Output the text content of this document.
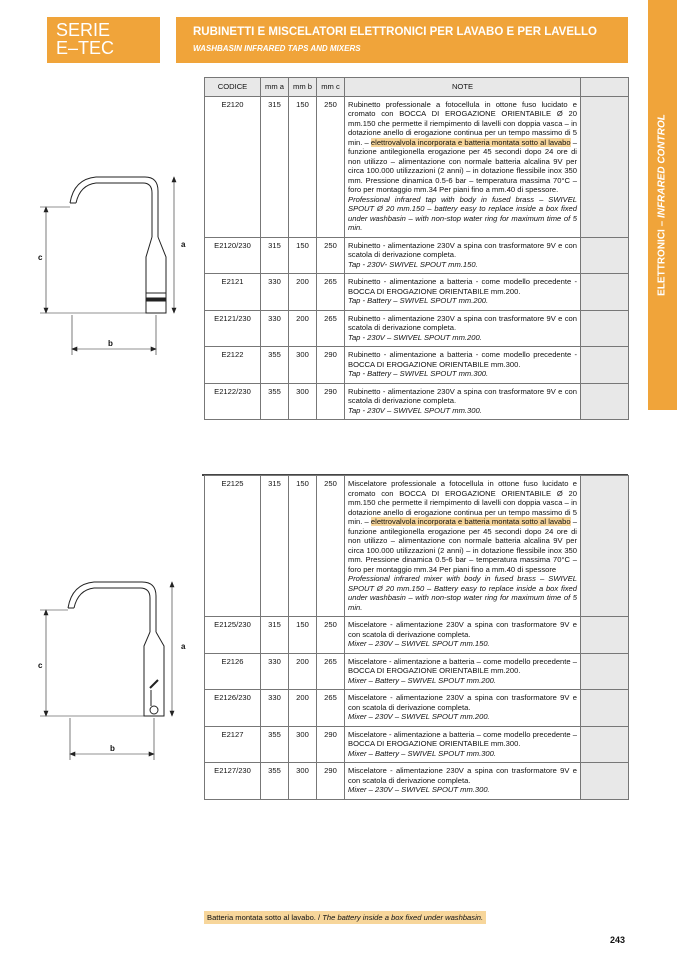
SERIE
E–TEC
RUBINETTI E MISCELATORI ELETTRONICI PER LAVABO E PER LAVELLO
WASHBASIN INFRARED TAPS AND MIXERS
ELETTRONICI – INFRARED CONTROL
a
c
b
a
c
b
CODICE	mm a	mm b	mm c	NOTE	
E2120	315	150	250	Rubinetto professionale a fotocellula in ottone fuso lucidato e cromato con BOCCA DI EROGAZIONE ORIENTABILE Ø 20 mm.150 che permette il riempimento di lavelli con doppia vasca – in dotazione anello di erogazione continua per un tempo massimo di 5 min. – elettrovalvola incorporata e batteria montata sotto al lavabo – funzione antilegionella erogazione per 45 secondi dopo 24 ore di non utilizzo – alimentazione con normale batteria alcalina 9V per circa 100.000 utilizzazioni (2 anni) – in dotazione flessibile inox 350 mm. Pressione dinamica 0.5-6 bar – temperatura massima 70°C – foro per montaggio mm.34 Per piani fino a mm.40 di spessore.
Professional infrared tap with body in fused brass – SWIVEL SPOUT Ø 20 mm.150 – battery easy to replace inside a box fixed under washbasin – with non-stop water ring for maximum time of 5 min.	

E2120/230	315	150	250	Rubinetto - alimentazione 230V a spina con trasformatore 9V e con scatola di derivazione completa.
Tap - 230V- SWIVEL SPOUT mm.150.	

E2121	330	200	265	Rubinetto - alimentazione a batteria - come modello precedente - BOCCA DI EROGAZIONE ORIENTABILE mm.200.
Tap - Battery – SWIVEL SPOUT mm.200.	

E2121/230	330	200	265	Rubinetto - alimentazione 230V a spina con trasformatore 9V e con scatola di derivazione completa.
Tap - 230V – SWIVEL SPOUT mm.200.	

E2122	355	300	290	Rubinetto - alimentazione a batteria - come modello precedente - BOCCA DI EROGAZIONE ORIENTABILE mm.300.
Tap - Battery – SWIVEL SPOUT mm.300.	

E2122/230	355	300	290	Rubinetto - alimentazione 230V a spina con trasformatore 9V e con scatola di derivazione completa.
Tap - 230V – SWIVEL SPOUT mm.300.	

E2125	315	150	250	Miscelatore professionale a fotocellula in ottone fuso lucidato e cromato con BOCCA DI EROGAZIONE ORIENTABILE Ø 20 mm.150 che permette il riempimento di lavelli con doppia vasca – in dotazione anello di erogazione continua per un tempo massimo di 5 min. – elettrovalvola incorporata e batteria montata sotto al lavabo – funzione antilegionella erogazione per 45 secondi dopo 24 ore di non utilizzo – alimentazione con normale batteria alcalina 9V per circa 100.000 utilizzazioni (2 anni) – in dotazione flessibile inox 350 mm. Pressione dinamica 0.5-6 bar – temperatura massima 70°C – foro per montaggio mm.34 Per piani fino a mm.40 di spessore
Professional infrared mixer with body in fused brass – SWIVEL SPOUT Ø 20 mm.150 – Battery easy to replace inside a box fixed under washbasin – with non-stop water ring for maximum time of 5 min.	

E2125/230	315	150	250	Miscelatore - alimentazione 230V a spina con trasformatore 9V e con scatola di derivazione completa.
Mixer – 230V – SWIVEL SPOUT mm.150.	

E2126	330	200	265	Miscelatore - alimentazione a batteria – come modello precedente – BOCCA DI EROGAZIONE ORIENTABILE mm.200.
Mixer – Battery – SWIVEL SPOUT mm.200.	

E2126/230	330	200	265	Miscelatore - alimentazione 230V a spina con trasformatore 9V e con scatola di derivazione completa.
Mixer – 230V – SWIVEL SPOUT mm.200.	

E2127	355	300	290	Miscelatore - alimentazione a batteria – come modello precedente – BOCCA DI EROGAZIONE ORIENTABILE mm.300.
Mixer – Battery – SWIVEL SPOUT mm.300.	

E2127/230	355	300	290	Miscelatore - alimentazione 230V a spina con trasformatore 9V e con scatola di derivazione completa.
Mixer – 230V – SWIVEL SPOUT mm.300.	

Batteria montata sotto al lavabo. / The battery inside a box fixed under washbasin.
243
